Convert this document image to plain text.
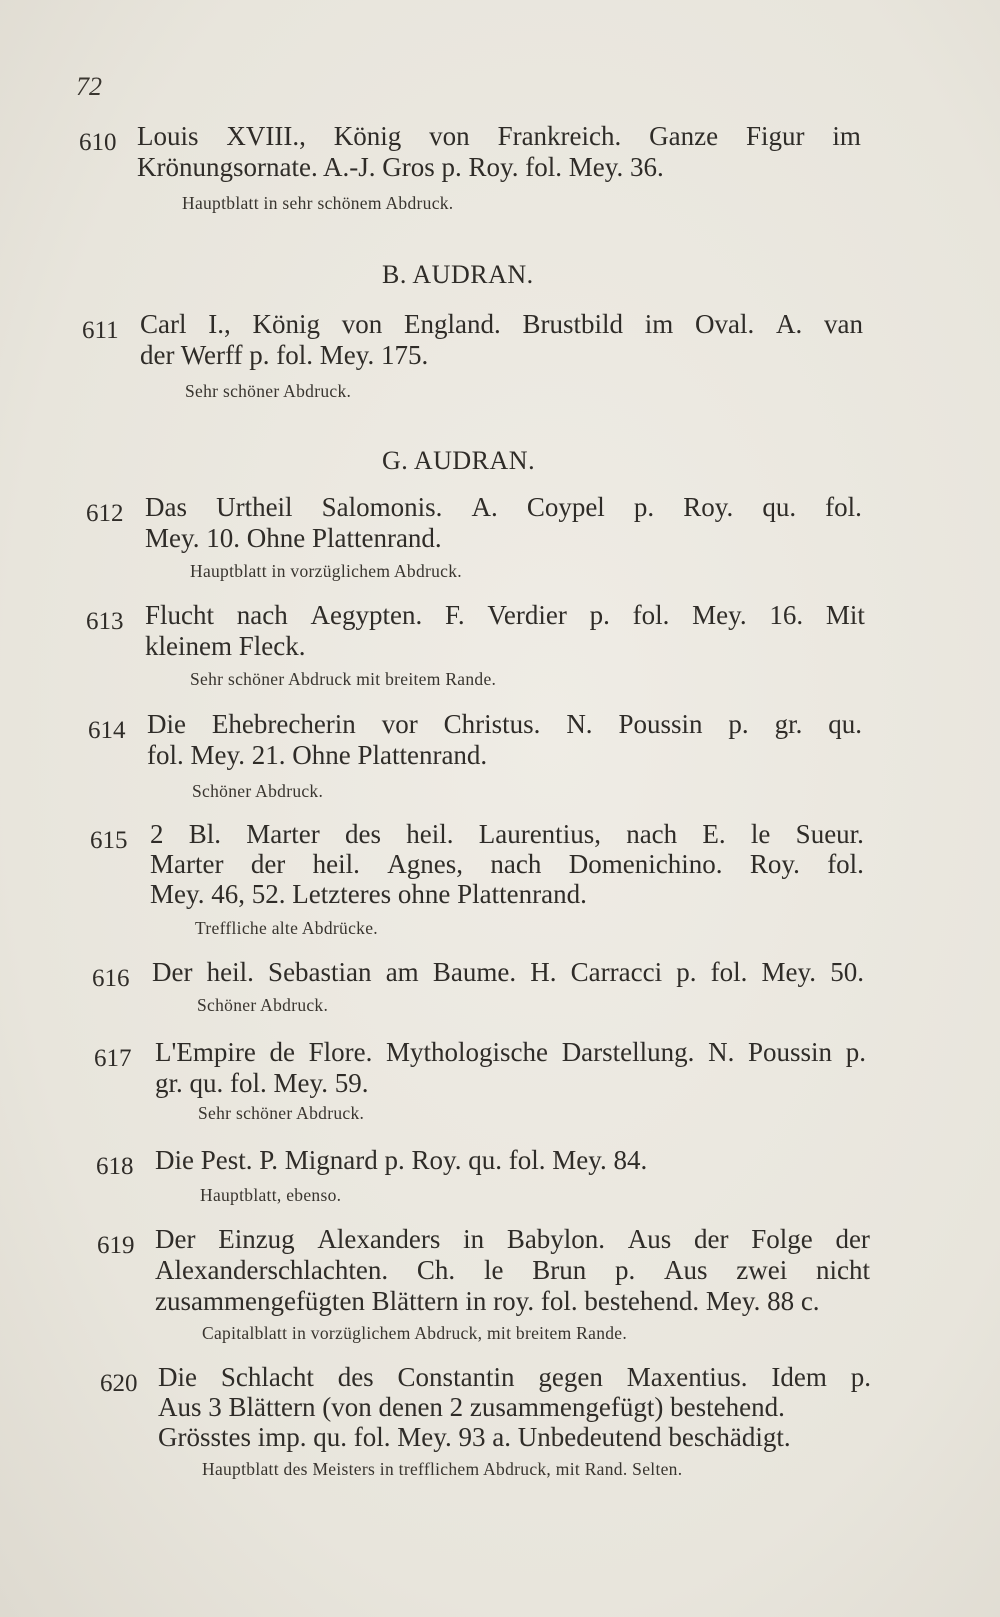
72
610 Louis XVIII., König von Frankreich. Ganze Figur im
Krönungsornate. A.-J. Gros p. Roy. fol. Mey. 36.
Hauptblatt in sehr schönem Abdruck.
B. AUDRAN.
611 Carl I., König von England. Brustbild im Oval. A. van
der Werff p. fol. Mey. 175.
Sehr schöner Abdruck.
G. AUDRAN.
612 Das Urtheil Salomonis. A. Coypel p. Roy. qu. fol.
Mey. 10. Ohne Plattenrand.
Hauptblatt in vorzüglichem Abdruck.
613 Flucht nach Aegypten. F. Verdier p. fol. Mey. 16. Mit
kleinem Fleck.
Sehr schöner Abdruck mit breitem Rande.
614 Die Ehebrecherin vor Christus. N. Poussin p. gr. qu.
fol. Mey. 21. Ohne Plattenrand.
Schöner Abdruck.
615 2 Bl. Marter des heil. Laurentius, nach E. le Sueur.
Marter der heil. Agnes, nach Domenichino. Roy. fol.
Mey. 46, 52. Letzteres ohne Plattenrand.
Treffliche alte Abdrücke.
616 Der heil. Sebastian am Baume. H. Carracci p. fol. Mey. 50.
Schöner Abdruck.
617 L'Empire de Flore. Mythologische Darstellung. N. Poussin p.
gr. qu. fol. Mey. 59.
Sehr schöner Abdruck.
618 Die Pest. P. Mignard p. Roy. qu. fol. Mey. 84.
Hauptblatt, ebenso.
619 Der Einzug Alexanders in Babylon. Aus der Folge der
Alexanderschlachten. Ch. le Brun p. Aus zwei nicht
zusammengefügten Blättern in roy. fol. bestehend. Mey. 88 c.
Capitalblatt in vorzüglichem Abdruck, mit breitem Rande.
620 Die Schlacht des Constantin gegen Maxentius. Idem p.
Aus 3 Blättern (von denen 2 zusammengefügt) bestehend.
Grösstes imp. qu. fol. Mey. 93 a. Unbedeutend beschädigt.
Hauptblatt des Meisters in trefflichem Abdruck, mit Rand. Selten.
